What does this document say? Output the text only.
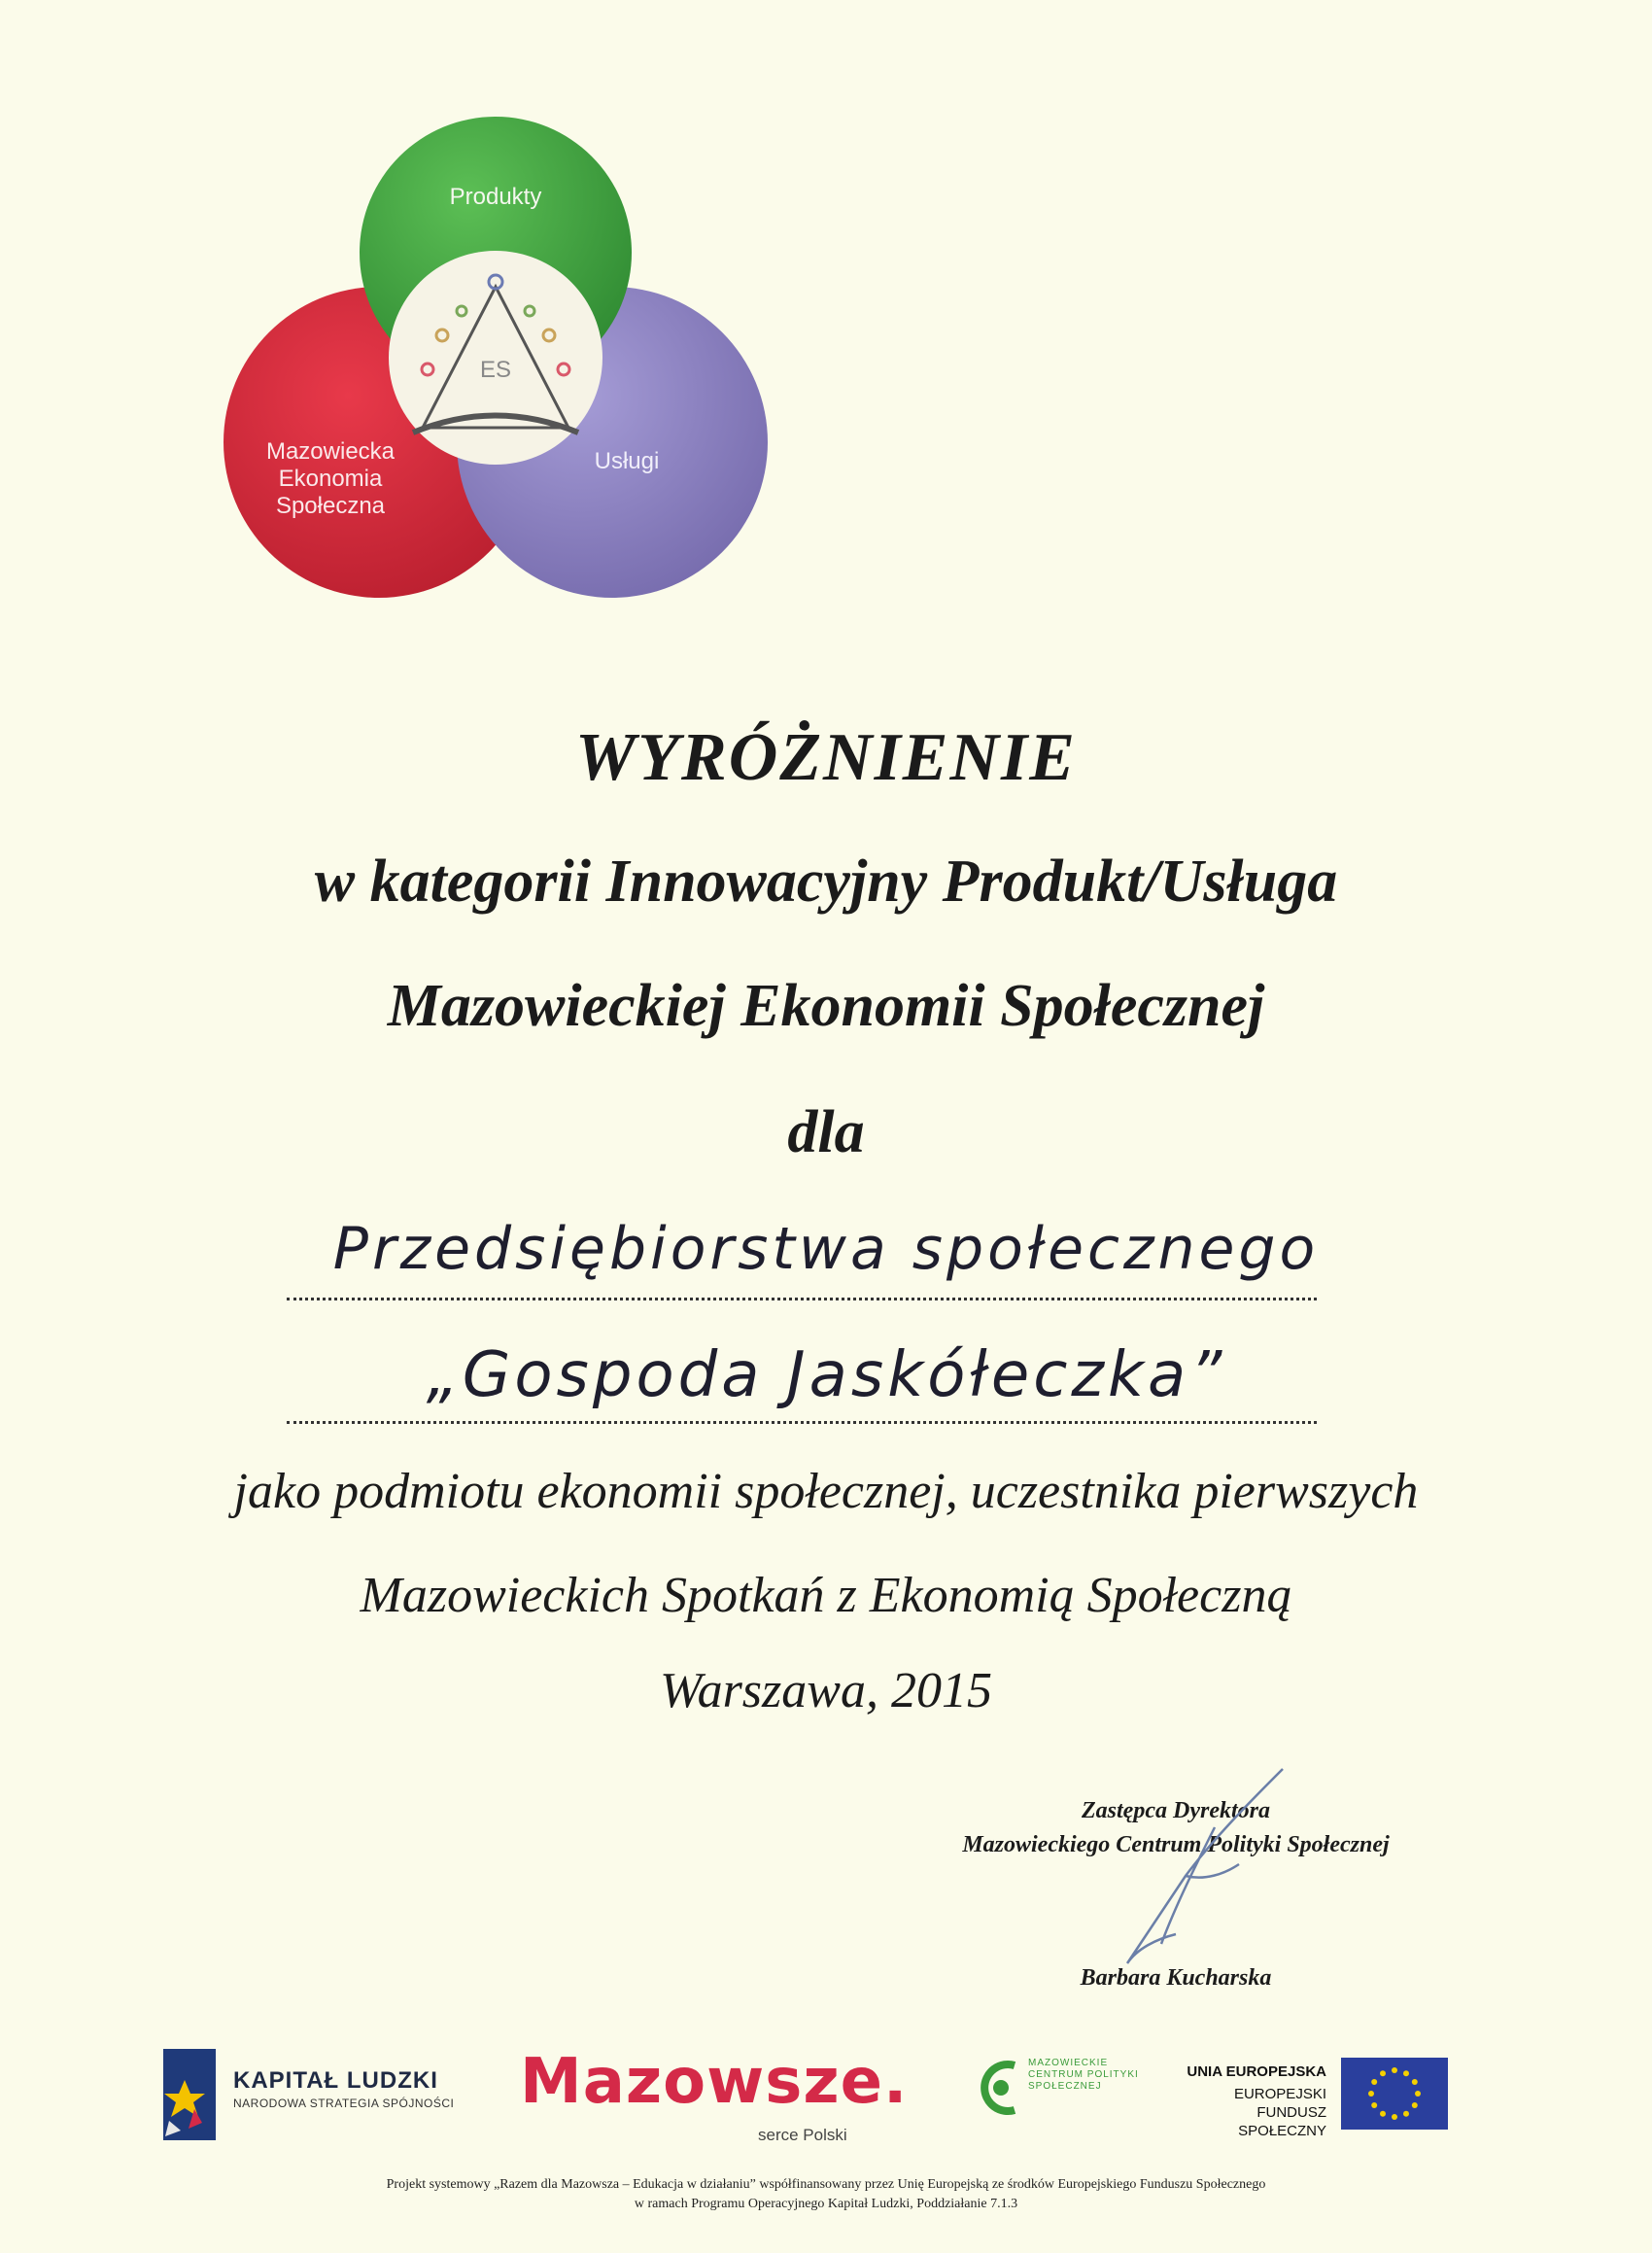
Produkty
ES
Usługi
Mazowiecka
Ekonomia
Społeczna
WYRÓŻNIENIE
w kategorii Innowacyjny Produkt/Usługa
Mazowieckiej Ekonomii Społecznej
dla
Przedsiębiorstwa społecznego
„Gospoda Jaskółeczka”
jako podmiotu ekonomii społecznej, uczestnika pierwszych
Mazowieckich Spotkań z Ekonomią Społeczną
Warszawa, 2015
Zastępca Dyrektora
Mazowieckiego Centrum Polityki Społecznej
Barbara Kucharska
KAPITAŁ LUDZKI
NARODOWA STRATEGIA SPÓJNOŚCI Mazowsze.
serce Polski
MAZOWIECKIE CENTRUM POLITYKI SPOŁECZNEJ
UNIA EUROPEJSKA
EUROPEJSKI
FUNDUSZ SPOŁECZNY
Projekt systemowy „Razem dla Mazowsza – Edukacja w działaniu” współfinansowany przez Unię Europejską ze środków Europejskiego Funduszu Społecznego
w ramach Programu Operacyjnego Kapitał Ludzki, Poddziałanie 7.1.3
